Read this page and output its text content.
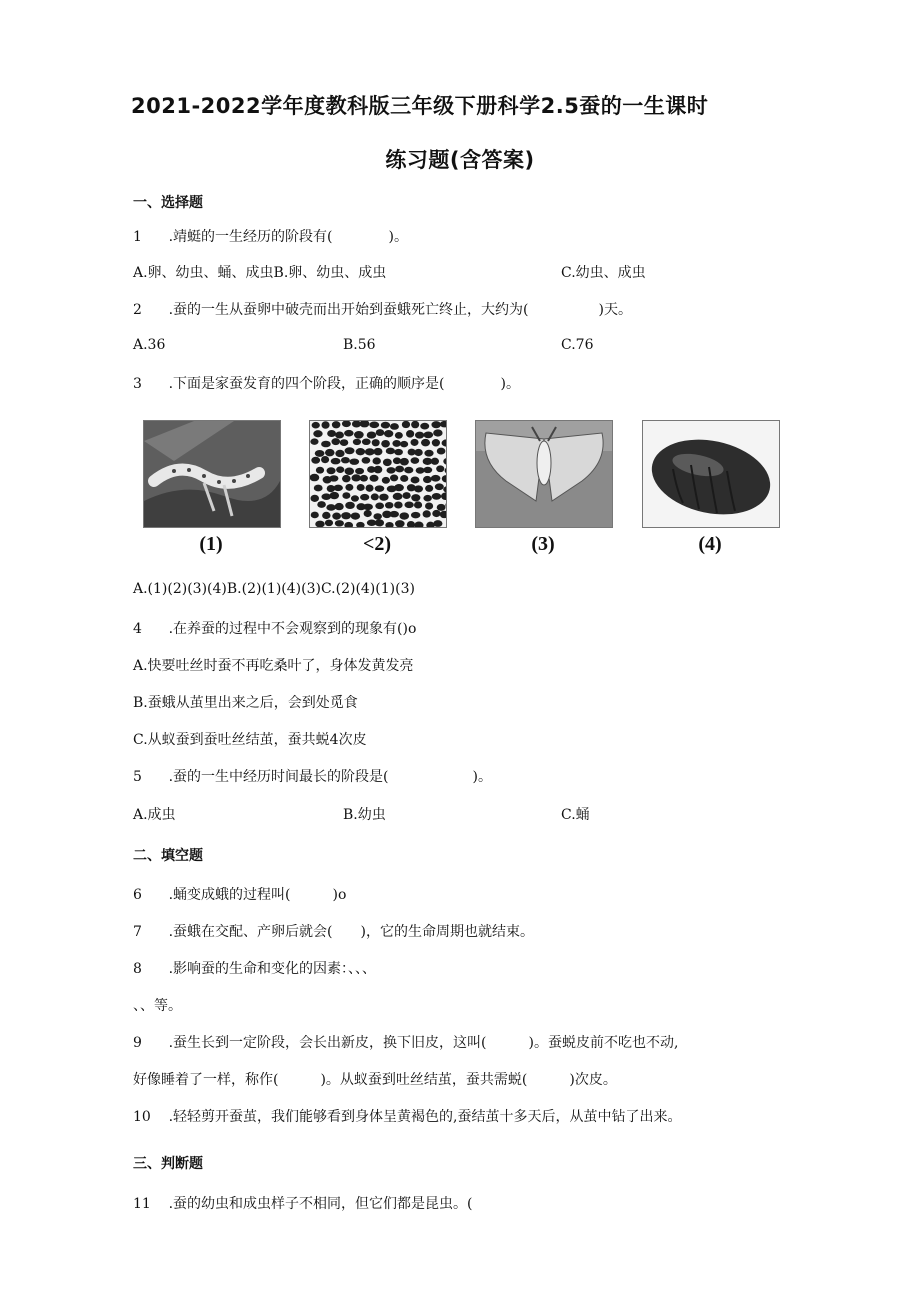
2021-2022学年度教科版三年级下册科学2.5蚕的一生课时
练习题(含答案)
一、选择题
1	.靖蜓的一生经历的阶段有(　　　　)。
A.卵、幼虫、蛹、成虫B.卵、幼虫、成虫	C.幼虫、成虫
2	.蚕的一生从蚕卵中破壳而出开始到蚕蛾死亡终止，大约为(　　　　　)天。
A.36	B.56	C.76
3	.下面是家蚕发育的四个阶段，正确的顺序是(　　　　)。
(1)	<2)	(3)	(4)
A.(1)(2)(3)(4)B.(2)(1)(4)(3)C.(2)(4)(1)(3)
4	.在养蚕的过程中不会观察到的现象有()o
A.快要吐丝时蚕不再吃桑叶了，身体发黄发亮
B.蚕蛾从茧里出来之后，会到处觅食
C.从蚁蚕到蚕吐丝结茧，蚕共蜕4次皮
5	.蚕的一生中经历时间最长的阶段是(　　　　　　)。
A.成虫	B.幼虫	C.蛹
二、填空题
6	.蛹变成蛾的过程叫(　　　)o
7	.蚕蛾在交配、产卵后就会(　　)，它的生命周期也就结束。
8	.影响蚕的生命和变化的因素：、、、
、、等。
9	.蚕生长到一定阶段，会长出新皮，换下旧皮，这叫(　　　)。蚕蜕皮前不吃也不动,
好像睡着了一样，称作(　　　)。从蚁蚕到吐丝结茧，蚕共需蜕(　　　)次皮。
10	.轻轻剪开蚕茧，我们能够看到身体呈黄褐色的,蚕结茧十多天后，从茧中钻了出来。
三、判断题
11	.蚕的幼虫和成虫样子不相同，但它们都是昆虫。(
